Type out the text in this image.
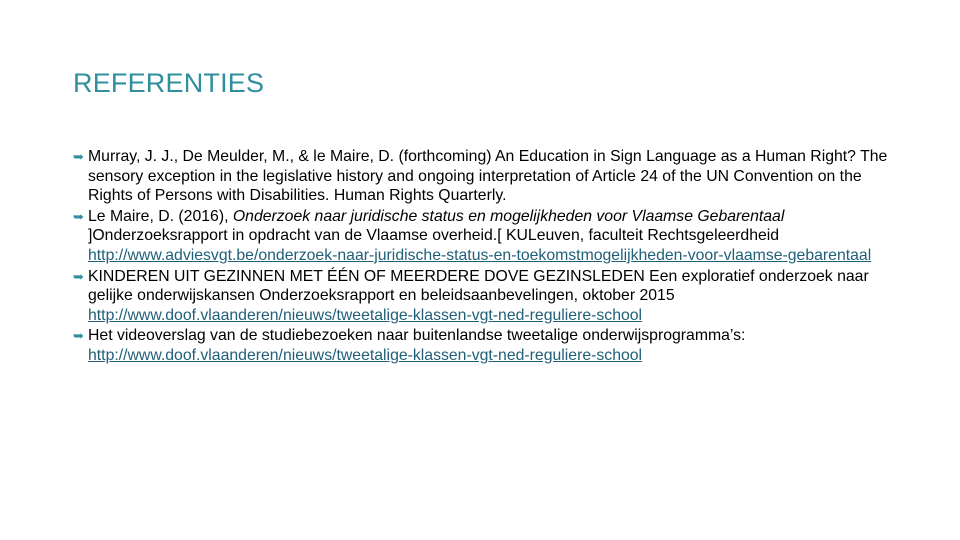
REFERENTIES
➥ Murray, J. J., De Meulder, M., & le Maire, D. (forthcoming) An Education in Sign Language as a Human Right? The sensory exception in the legislative history and ongoing interpretation of Article 24 of the UN Convention on the Rights of Persons with Disabilities. Human Rights Quarterly.
➥ Le Maire, D. (2016), Onderzoek naar juridische status en mogelijkheden voor Vlaamse Gebarentaal ]Onderzoeksrapport in opdracht van de Vlaamse overheid.[ KULeuven, faculteit Rechtsgeleerdheid http://www.adviesvgt.be/onderzoek-naar-juridische-status-en-toekomstmogelijkheden-voor-vlaamse-gebarentaal
➥ KINDEREN UIT GEZINNEN MET ÉÉN OF MEERDERE DOVE GEZINSLEDEN Een exploratief onderzoek naar gelijke onderwijskansen Onderzoeksrapport en beleidsaanbevelingen, oktober 2015 http://www.doof.vlaanderen/nieuws/tweetalige-klassen-vgt-ned-reguliere-school
➥ Het videoverslag van de studiebezoeken naar buitenlandse tweetalige onderwijsprogramma’s: http://www.doof.vlaanderen/nieuws/tweetalige-klassen-vgt-ned-reguliere-school
